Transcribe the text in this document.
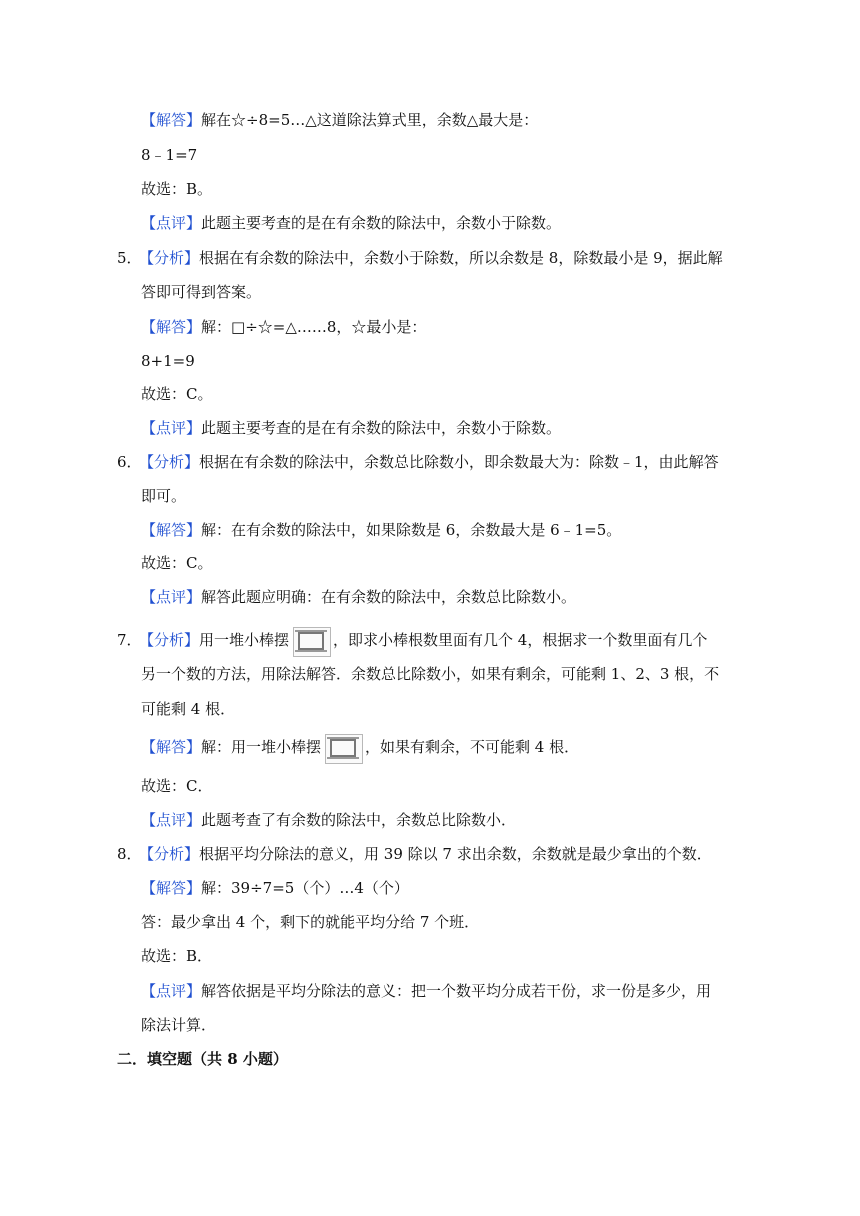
【解答】解在☆÷8=5…△这道除法算式里，余数△最大是：
8﹣1=7
故选：B。
【点评】此题主要考查的是在有余数的除法中，余数小于除数。
5．【分析】根据在有余数的除法中，余数小于除数，所以余数是 8，除数最小是 9，据此解
答即可得到答案。
【解答】解：□÷☆=△……8，☆最小是：
8+1=9
故选：C。
【点评】此题主要考查的是在有余数的除法中，余数小于除数。
6．【分析】根据在有余数的除法中，余数总比除数小，即余数最大为：除数﹣1，由此解答
即可。
【解答】解：在有余数的除法中，如果除数是 6，余数最大是 6﹣1=5。
故选：C。
【点评】解答此题应明确：在有余数的除法中，余数总比除数小。
7．【分析】用一堆小棒摆	，即求小棒根数里面有几个 4，根据求一个数里面有几个
另一个数的方法，用除法解答．余数总比除数小，如果有剩余，可能剩 1、2、3 根，不
可能剩 4 根．
【解答】解：用一堆小棒摆	，如果有剩余，不可能剩 4 根．
故选：C．
【点评】此题考查了有余数的除法中，余数总比除数小．
8．【分析】根据平均分除法的意义，用 39 除以 7 求出余数，余数就是最少拿出的个数．
【解答】解：39÷7=5（个）…4（个）
答：最少拿出 4 个，剩下的就能平均分给 7 个班．
故选：B．
【点评】解答依据是平均分除法的意义：把一个数平均分成若干份，求一份是多少，用
除法计算．
二．填空题（共 8 小题）
